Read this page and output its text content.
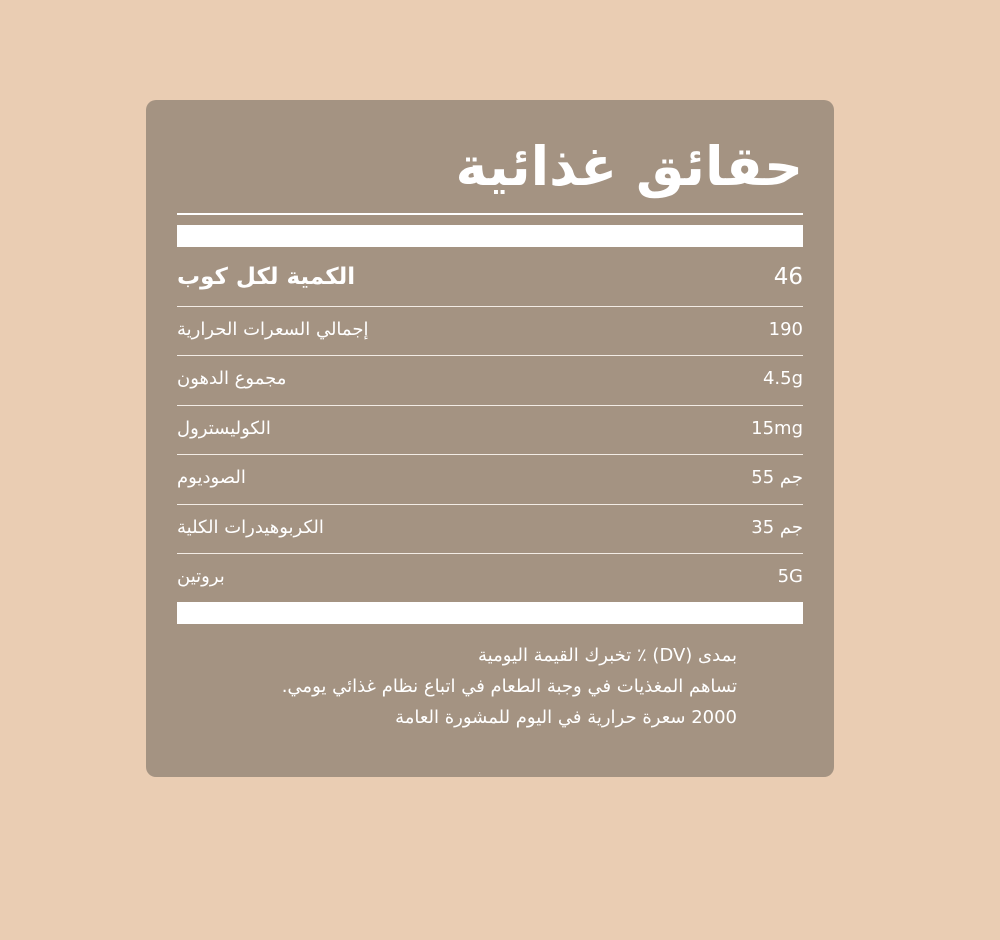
حقائق غذائية
الكمية لكل كوب	46
إجمالي السعرات الحرارية	190
مجموع الدهون	4.5g
الكوليسترول	15mg
الصوديوم	55 جم
الكربوهيدرات الكلية	35 جم
بروتين	5G
بمدى (DV) ٪ تخبرك القيمة اليومية
تساهم المغذيات في وجبة الطعام في اتباع نظام غذائي يومي.
2000 سعرة حرارية في اليوم للمشورة العامة
